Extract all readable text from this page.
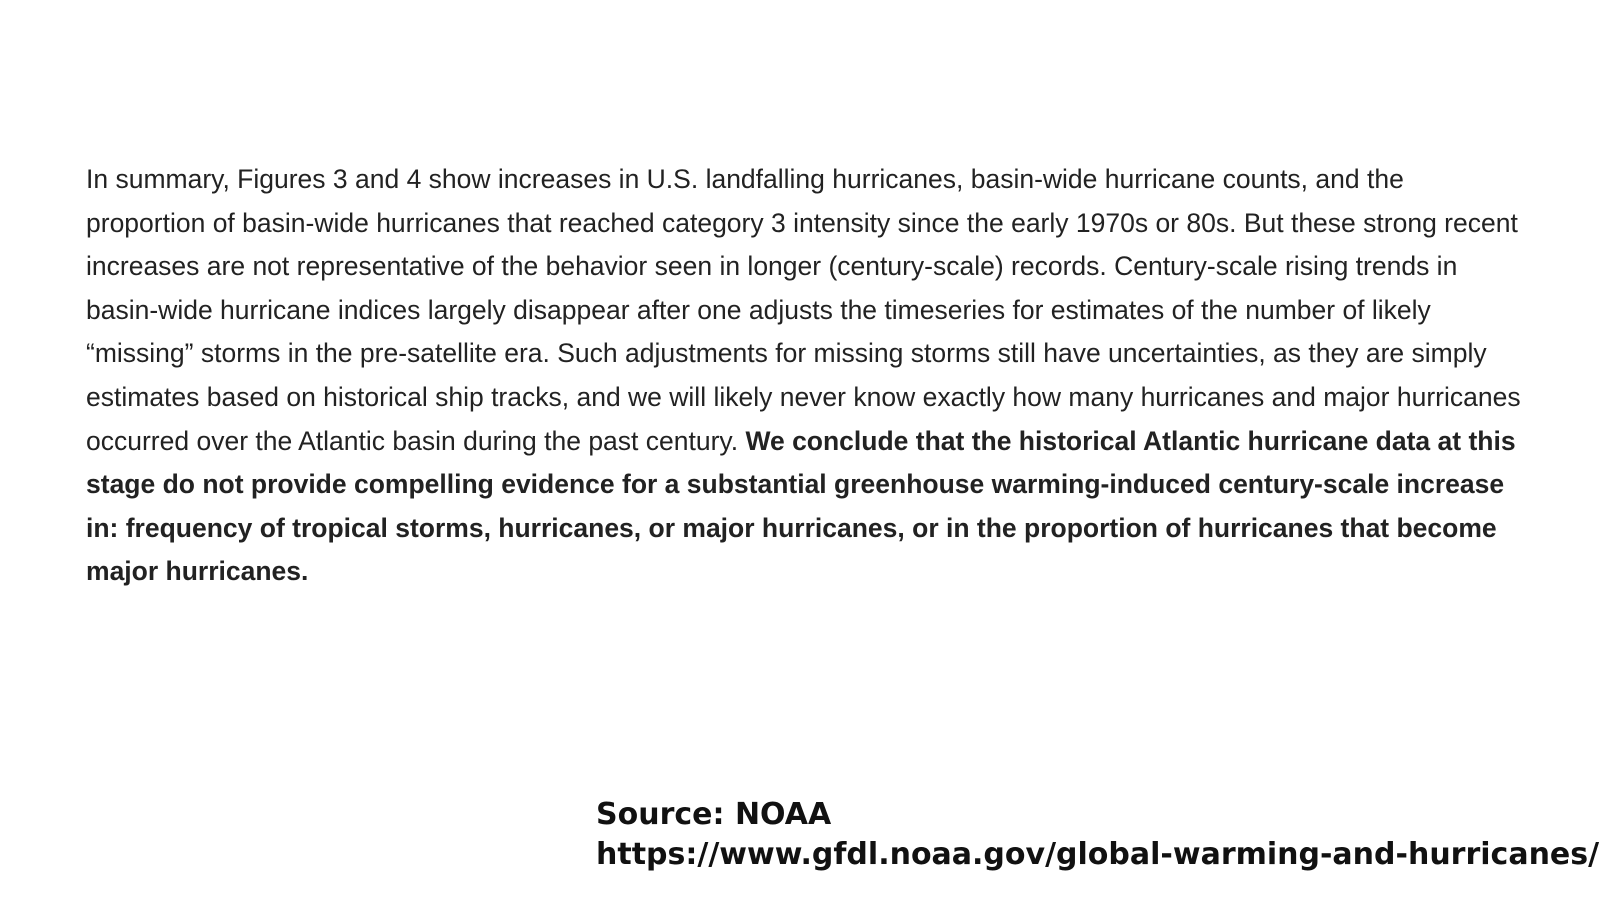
In summary, Figures 3 and 4 show increases in U.S. landfalling hurricanes, basin-wide hurricane counts, and the proportion of basin-wide hurricanes that reached category 3 intensity since the early 1970s or 80s. But these strong recent increases are not representative of the behavior seen in longer (century-scale) records. Century-scale rising trends in basin-wide hurricane indices largely disappear after one adjusts the timeseries for estimates of the number of likely “missing” storms in the pre-satellite era. Such adjustments for missing storms still have uncertainties, as they are simply estimates based on historical ship tracks, and we will likely never know exactly how many hurricanes and major hurricanes occurred over the Atlantic basin during the past century. We conclude that the historical Atlantic hurricane data at this stage do not provide compelling evidence for a substantial greenhouse warming-induced century-scale increase in: frequency of tropical storms, hurricanes, or major hurricanes, or in the proportion of hurricanes that become major hurricanes.

Source: NOAA
https://www.gfdl.noaa.gov/global-warming-and-hurricanes/
